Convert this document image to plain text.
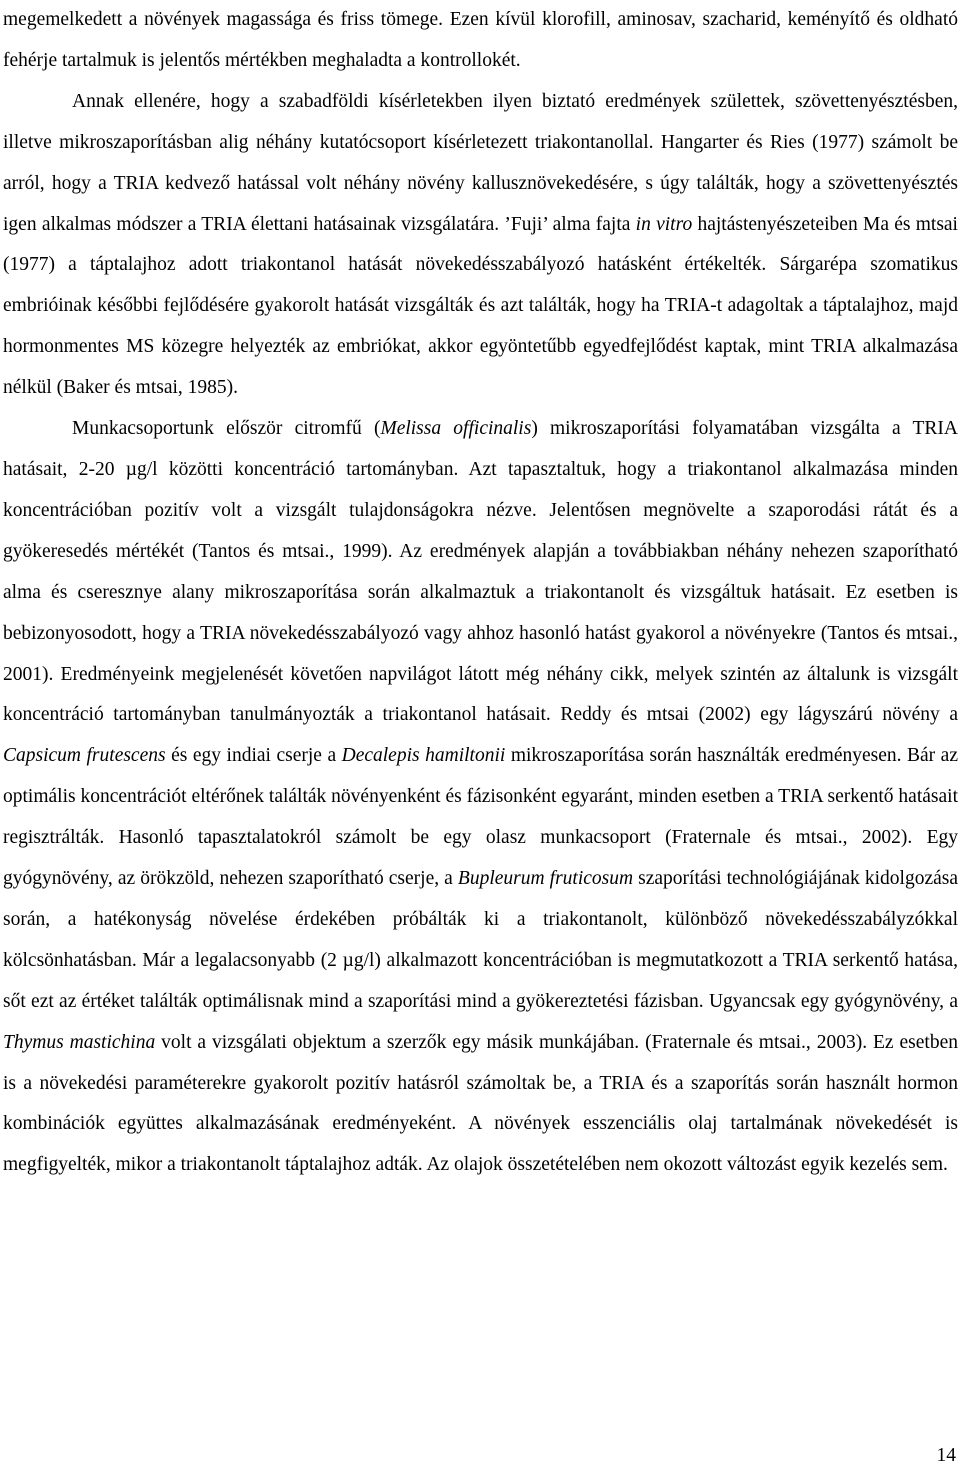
megemelkedett a növények magassága és friss tömege. Ezen kívül klorofill, aminosav, szacharid, keményítő és oldható fehérje tartalmuk is jelentős mértékben meghaladta a kontrollokét.

Annak ellenére, hogy a szabadföldi kísérletekben ilyen biztató eredmények születtek, szövettenyésztésben, illetve mikroszaporításban alig néhány kutatócsoport kísérletezett triakontanollal. Hangarter és Ries (1977) számolt be arról, hogy a TRIA kedvező hatással volt néhány növény kallusznövekedésére, s úgy találták, hogy a szövettenyésztés igen alkalmas módszer a TRIA élettani hatásainak vizsgálatára. ’Fuji’ alma fajta in vitro hajtástenyészeteiben Ma és mtsai (1977) a táptalajhoz adott triakontanol hatását növekedésszabályozó hatásként értékelték. Sárgarépa szomatikus embrióinak későbbi fejlődésére gyakorolt hatását vizsgálták és azt találták, hogy ha TRIA-t adagoltak a táptalajhoz, majd hormonmentes MS közegre helyezték az embriókat, akkor egyöntetűbb egyedfejlődést kaptak, mint TRIA alkalmazása nélkül (Baker és mtsai, 1985).

Munkacsoportunk először citromfű (Melissa officinalis) mikroszaporítási folyamatában vizsgálta a TRIA hatásait, 2-20 µg/l közötti koncentráció tartományban. Azt tapasztaltuk, hogy a triakontanol alkalmazása minden koncentrációban pozitív volt a vizsgált tulajdonságokra nézve. Jelentősen megnövelte a szaporodási rátát és a gyökeresedés mértékét (Tantos és mtsai., 1999). Az eredmények alapján a továbbiakban néhány nehezen szaporítható alma és cseresznye alany mikroszaporítása során alkalmaztuk a triakontanolt és vizsgáltuk hatásait. Ez esetben is bebizonyosodott, hogy a TRIA növekedésszabályozó vagy ahhoz hasonló hatást gyakorol a növényekre (Tantos és mtsai., 2001). Eredményeink megjelenését követően napvilágot látott még néhány cikk, melyek szintén az általunk is vizsgált koncentráció tartományban tanulmányozták a triakontanol hatásait. Reddy és mtsai (2002) egy lágyszárú növény a Capsicum frutescens és egy indiai cserje a Decalepis hamiltonii mikroszaporítása során használták eredményesen. Bár az optimális koncentrációt eltérőnek találták növényenként és fázisonként egyaránt, minden esetben a TRIA serkentő hatásait regisztrálták. Hasonló tapasztalatokról számolt be egy olasz munkacsoport (Fraternale és mtsai., 2002). Egy gyógynövény, az örökzöld, nehezen szaporítható cserje, a Bupleurum fruticosum szaporítási technológiájának kidolgozása során, a hatékonyság növelése érdekében próbálták ki a triakontanolt, különböző növekedésszabályzókkal kölcsönhatásban. Már a legalacsonyabb (2 µg/l) alkalmazott koncentrációban is megmutatkozott a TRIA serkentő hatása, sőt ezt az értéket találták optimálisnak mind a szaporítási mind a gyökereztetési fázisban. Ugyancsak egy gyógynövény, a Thymus mastichina volt a vizsgálati objektum a szerzők egy másik munkájában. (Fraternale és mtsai., 2003). Ez esetben is a növekedési paraméterekre gyakorolt pozitív hatásról számoltak be, a TRIA és a szaporítás során használt hormon kombinációk együttes alkalmazásának eredményeként. A növények esszenciális olaj tartalmának növekedését is megfigyelték, mikor a triakontanolt táptalajhoz adták. Az olajok összetételében nem okozott változást egyik kezelés sem.

14
